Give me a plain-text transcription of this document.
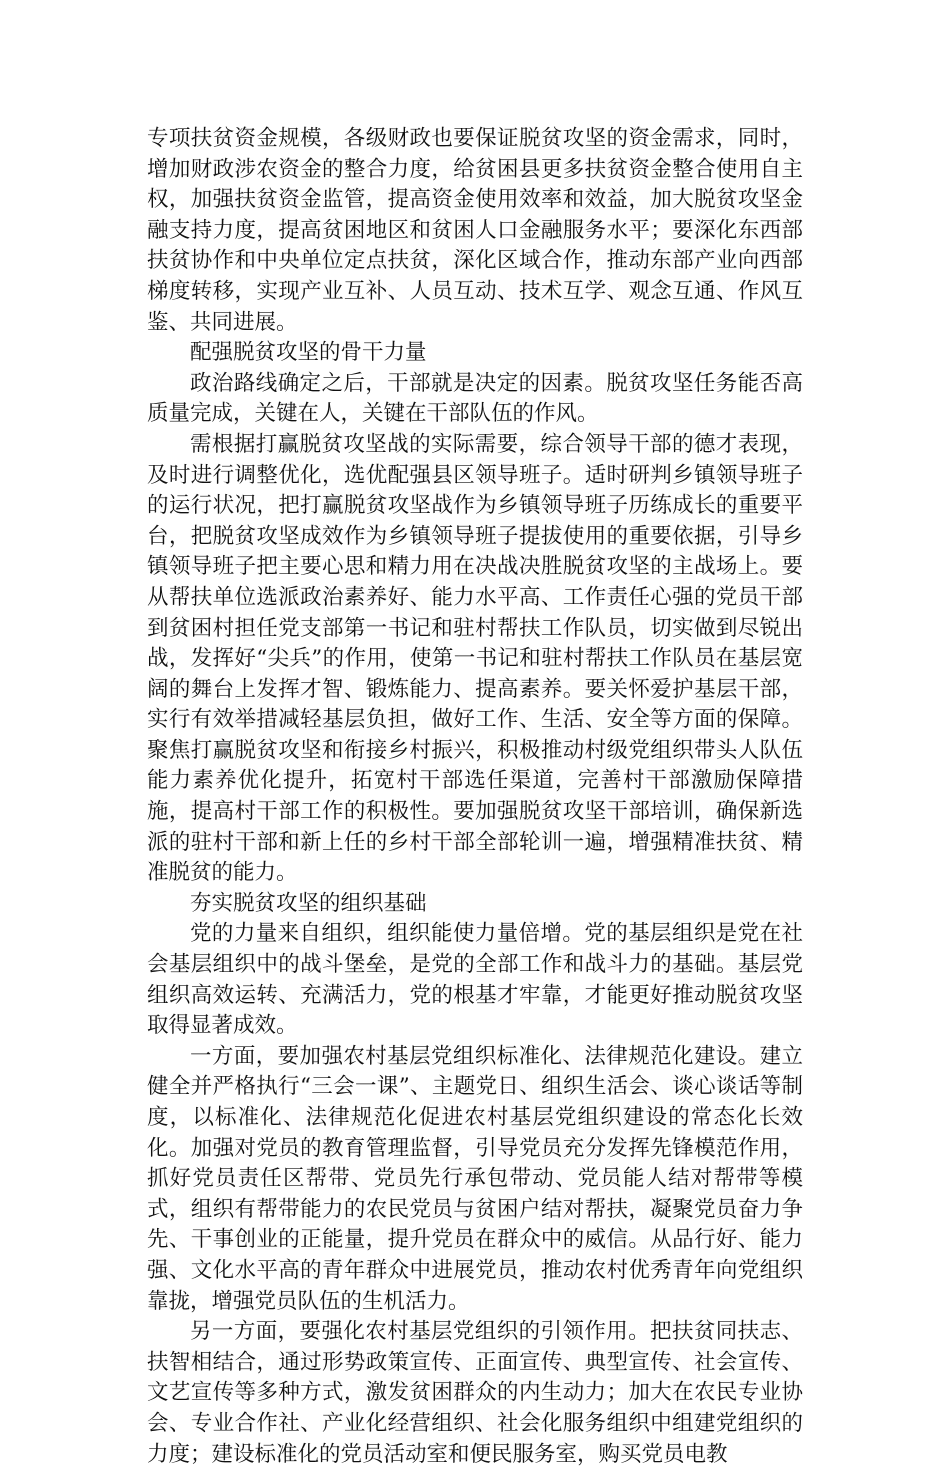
专项扶贫资金规模，各级财政也要保证脱贫攻坚的资金需求，同时，增加财政涉农资金的整合力度，给贫困县更多扶贫资金整合使用自主权，加强扶贫资金监管，提高资金使用效率和效益，加大脱贫攻坚金融支持力度，提高贫困地区和贫困人口金融服务水平；要深化东西部扶贫协作和中央单位定点扶贫，深化区域合作，推动东部产业向西部梯度转移，实现产业互补、人员互动、技术互学、观念互通、作风互鉴、共同进展。

配强脱贫攻坚的骨干力量

政治路线确定之后，干部就是决定的因素。脱贫攻坚任务能否高质量完成，关键在人，关键在干部队伍的作风。

需根据打赢脱贫攻坚战的实际需要，综合领导干部的德才表现，及时进行调整优化，选优配强县区领导班子。适时研判乡镇领导班子的运行状况，把打赢脱贫攻坚战作为乡镇领导班子历练成长的重要平台，把脱贫攻坚成效作为乡镇领导班子提拔使用的重要依据，引导乡镇领导班子把主要心思和精力用在决战决胜脱贫攻坚的主战场上。要从帮扶单位选派政治素养好、能力水平高、工作责任心强的党员干部到贫困村担任党支部第一书记和驻村帮扶工作队员，切实做到尽锐出战，发挥好“尖兵”的作用，使第一书记和驻村帮扶工作队员在基层宽阔的舞台上发挥才智、锻炼能力、提高素养。要关怀爱护基层干部，实行有效举措减轻基层负担，做好工作、生活、安全等方面的保障。聚焦打赢脱贫攻坚和衔接乡村振兴，积极推动村级党组织带头人队伍能力素养优化提升，拓宽村干部选任渠道，完善村干部激励保障措施，提高村干部工作的积极性。要加强脱贫攻坚干部培训，确保新选派的驻村干部和新上任的乡村干部全部轮训一遍，增强精准扶贫、精准脱贫的能力。

夯实脱贫攻坚的组织基础

党的力量来自组织，组织能使力量倍增。党的基层组织是党在社会基层组织中的战斗堡垒，是党的全部工作和战斗力的基础。基层党组织高效运转、充满活力，党的根基才牢靠，才能更好推动脱贫攻坚取得显著成效。

一方面，要加强农村基层党组织标准化、法律规范化建设。建立健全并严格执行“三会一课”、主题党日、组织生活会、谈心谈话等制度，以标准化、法律规范化促进农村基层党组织建设的常态化长效化。加强对党员的教育管理监督，引导党员充分发挥先锋模范作用，抓好党员责任区帮带、党员先行承包带动、党员能人结对帮带等模式，组织有帮带能力的农民党员与贫困户结对帮扶，凝聚党员奋力争先、干事创业的正能量，提升党员在群众中的威信。从品行好、能力强、文化水平高的青年群众中进展党员，推动农村优秀青年向党组织靠拢，增强党员队伍的生机活力。

另一方面，要强化农村基层党组织的引领作用。把扶贫同扶志、扶智相结合，通过形势政策宣传、正面宣传、典型宣传、社会宣传、文艺宣传等多种方式，激发贫困群众的内生动力；加大在农民专业协会、专业合作社、产业化经营组织、社会化服务组织中组建党组织的力度；建设标准化的党员活动室和便民服务室，购买党员电教
